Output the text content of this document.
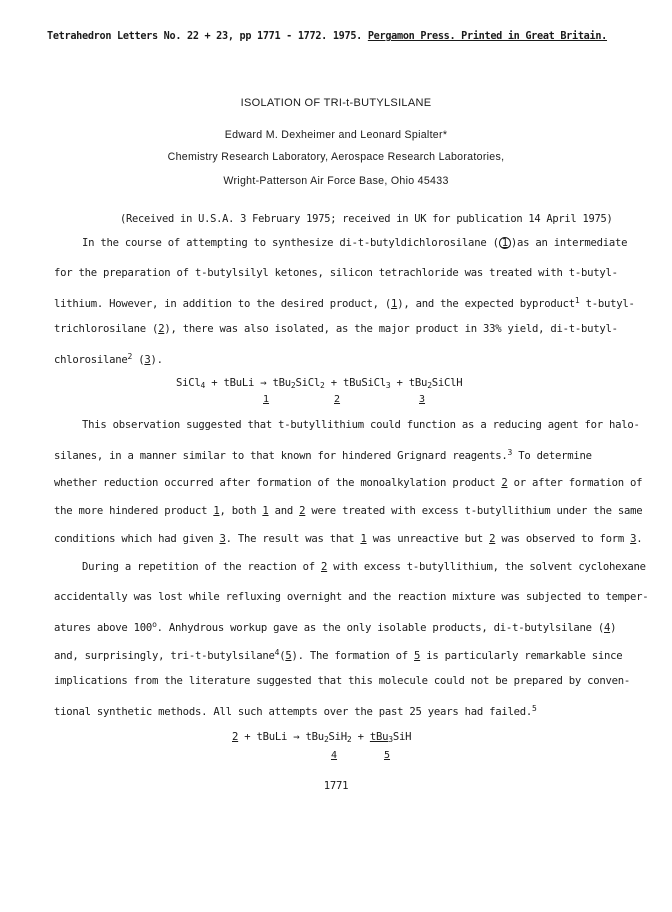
Tetrahedron Letters No. 22 + 23, pp 1771 - 1772. 1975. Pergamon Press. Printed in Great Britain.
ISOLATION OF TRI-t-BUTYLSILANE
Edward M. Dexheimer and Leonard Spialter*
Chemistry Research Laboratory, Aerospace Research Laboratories,
Wright-Patterson Air Force Base, Ohio 45433
(Received in U.S.A. 3 February 1975; received in UK for publication 14 April 1975)
In the course of attempting to synthesize di-t-butyldichlorosilane ( 1 )as an intermediate
for the preparation of t-butylsilyl ketones, silicon tetrachloride was treated with t-butyl-
lithium. However, in addition to the desired product, (1), and the expected byproduct$^1$ t-butyl-
trichlorosilane (2), there was also isolated, as the major product in 33% yield, di-t-butyl-
chlorosilane$^2$ (3).
SiCl$_4$ + tBuLi → tBu$_2$SiCl$_2$ + tBuSiCl$_3$ + tBu$_2$SiClH
1	2	3
This observation suggested that t-butyllithium could function as a reducing agent for halo-
silanes, in a manner similar to that known for hindered Grignard reagents.$^3$ To determine
whether reduction occurred after formation of the monoalkylation product 2 or after formation of
the more hindered product 1, both 1 and 2 were treated with excess t-butyllithium under the same
conditions which had given 3. The result was that 1 was unreactive but 2 was observed to form 3.
During a repetition of the reaction of 2 with excess t-butyllithium, the solvent cyclohexane
accidentally was lost while refluxing overnight and the reaction mixture was subjected to temper-
atures above 100$^o$. Anhydrous workup gave as the only isolable products, di-t-butylsilane (4)
and, surprisingly, tri-t-butylsilane$^4$(5). The formation of 5 is particularly remarkable since
implications from the literature suggested that this molecule could not be prepared by conven-
tional synthetic methods. All such attempts over the past 25 years had failed.$^5$
2 + tBuLi → tBu$_2$SiH$_2$ + tBu$_3$SiH
4	5
1771
